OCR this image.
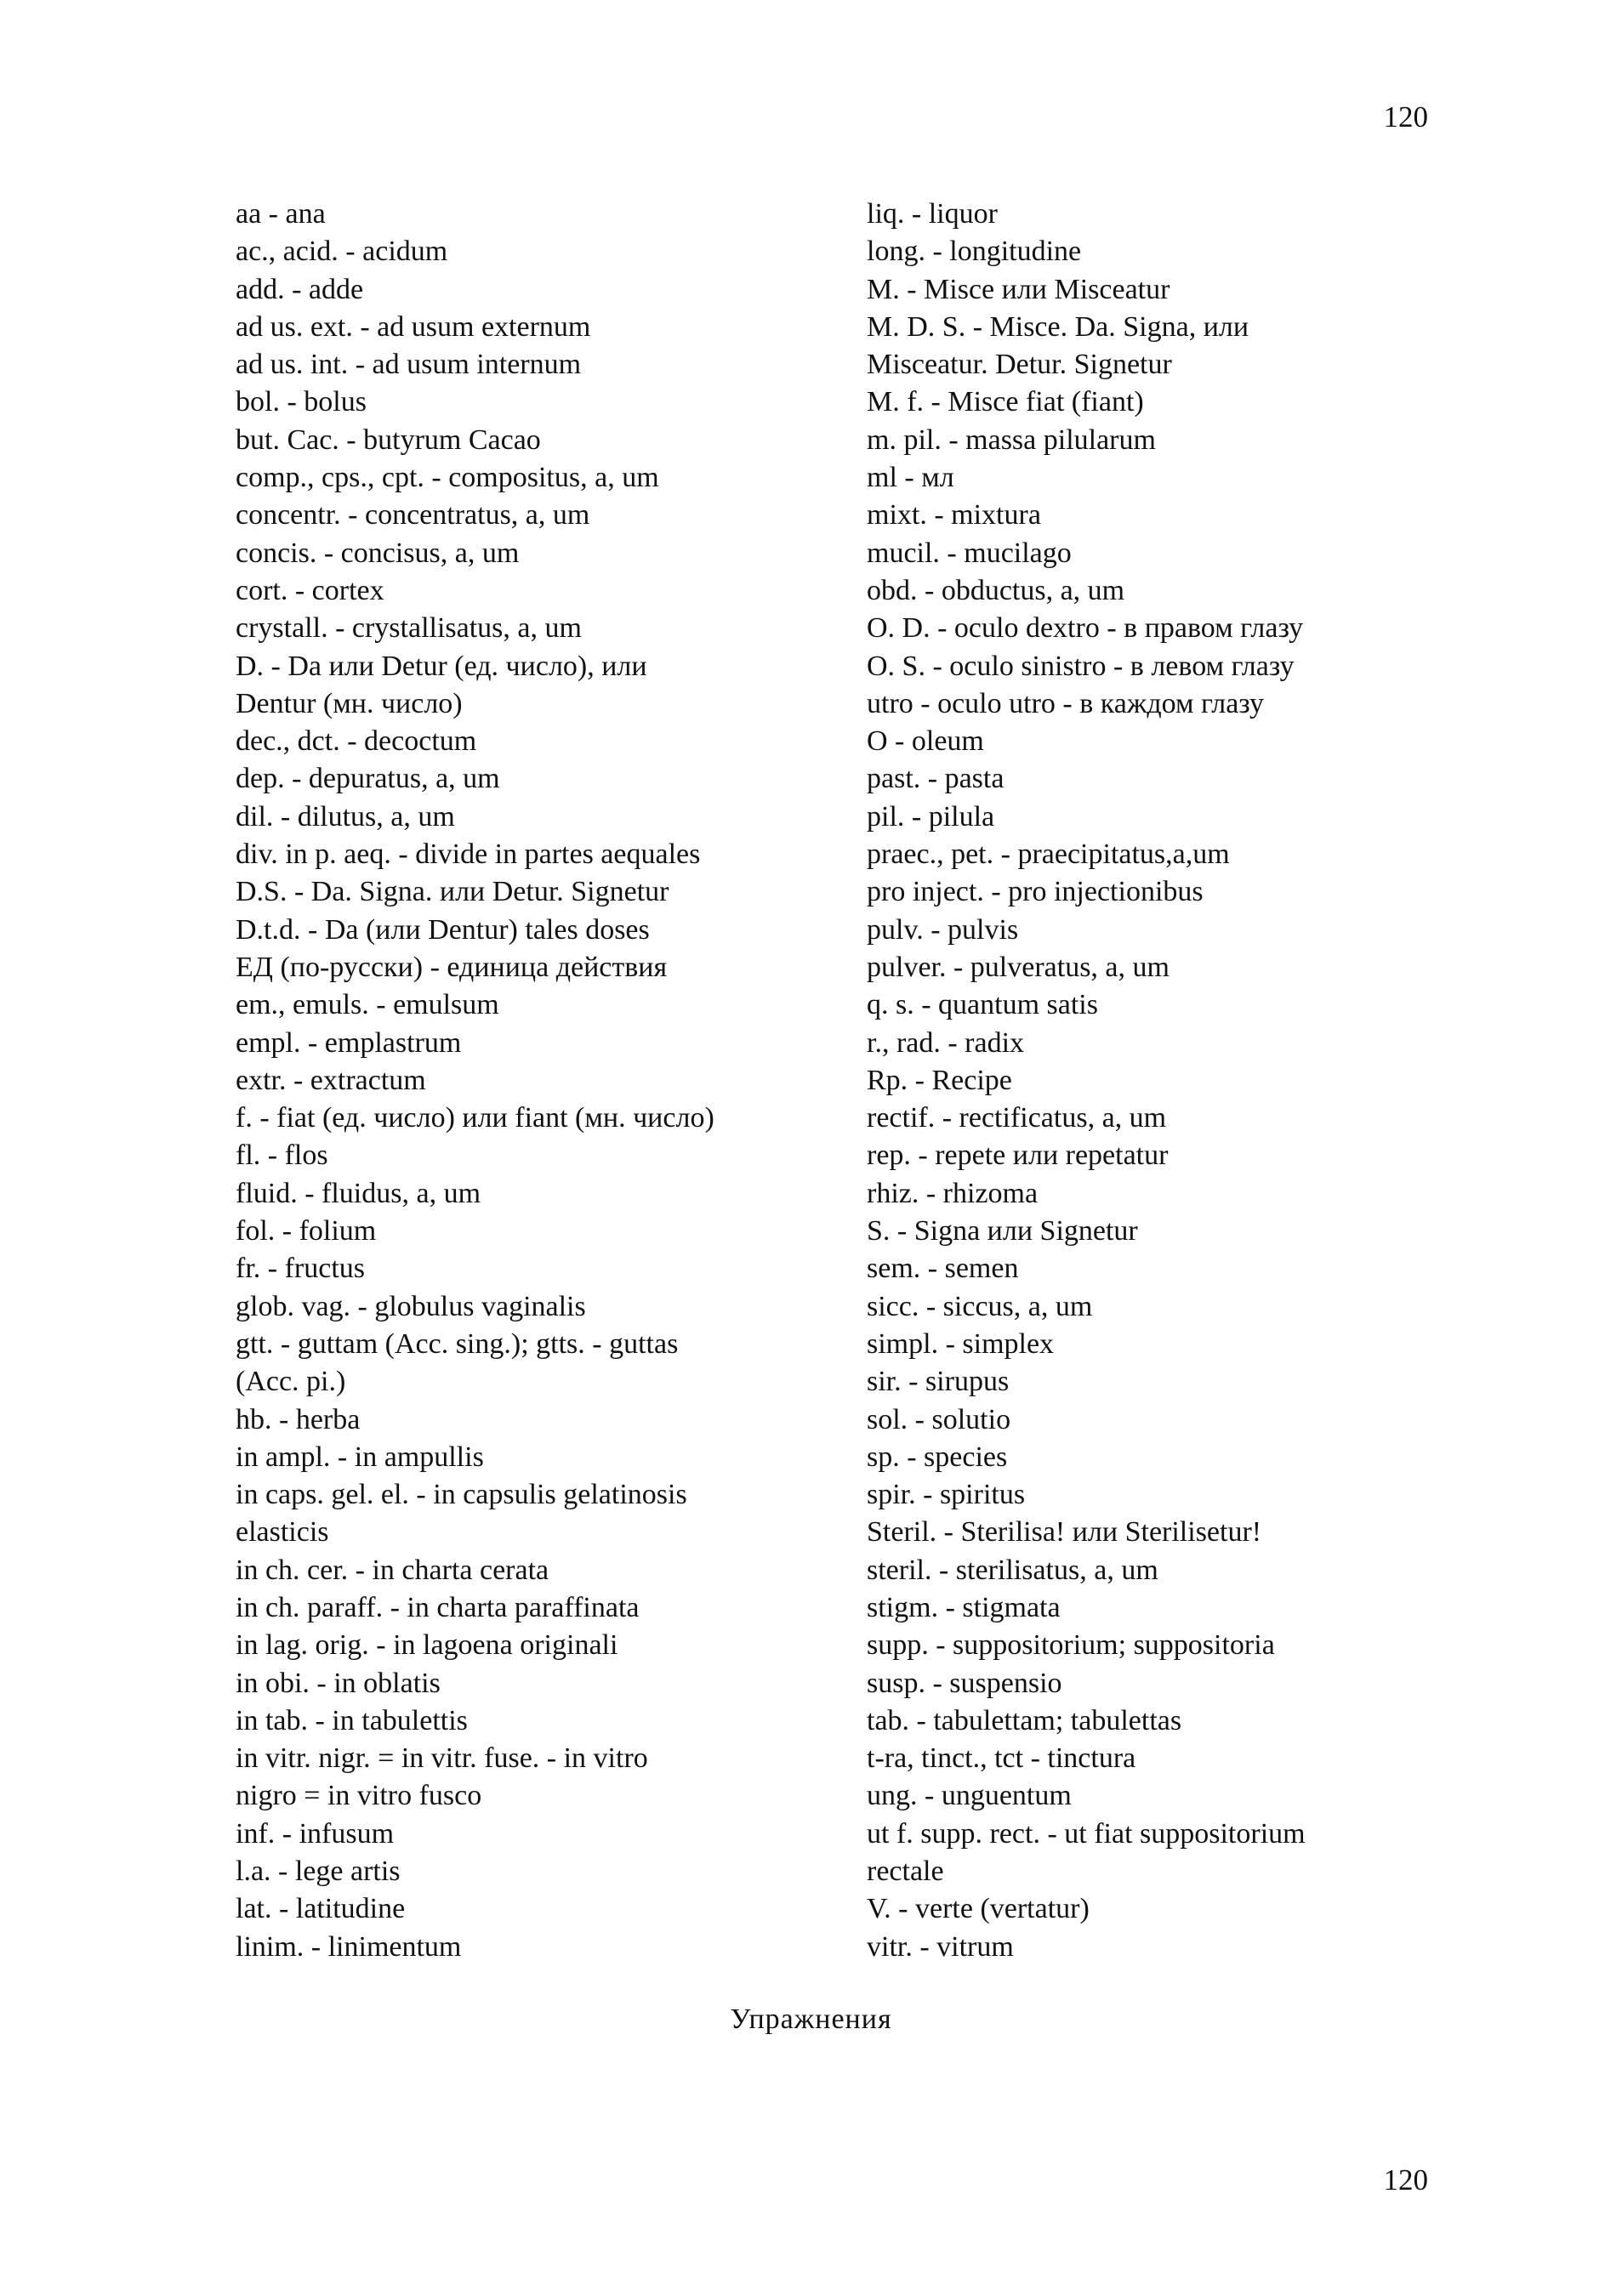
120
aa - ana
ac., acid. - acidum
add. - adde
ad us. ext. - ad usum externum
ad us. int. - ad usum internum
bol. - bolus
but. Cac. - butyrum Cacao
comp., cps., cpt. - compositus, a, um
concentr. - concentratus, a, um
concis. - concisus, a, um
cort. - cortex
crystall. - crystallisatus, a, um
D. - Da или Detur (ед. число), или
Dentur (мн. число)
dec., dct. - decoctum
dep. - depuratus, a, um
dil. - dilutus, a, um
div. in p. aeq. - divide in partes aequales
D.S. - Da. Signa. или Detur. Signetur
D.t.d. - Da (или Dentur) tales doses
ЕД (по-русски) - единица действия
em., emuls. - emulsum
empl. - emplastrum
extr. - extractum
f. - fiat (ед. число) или fiant (мн. число)
fl. - flos
fluid. - fluidus, a, um
fol. - folium
fr. - fructus
glob. vag. - globulus vaginalis
gtt. - guttam (Acc. sing.); gtts. - guttas
(Acc. pi.)
hb. - herba
in ampl. - in ampullis
in caps. gel. el. - in capsulis gelatinosis
elasticis
in ch. cer. - in charta cerata
in ch. paraff. - in charta paraffinata
in lag. orig. - in lagoena originali
in obi. - in oblatis
in tab. - in tabulettis
in vitr. nigr. = in vitr. fuse. - in vitro
nigro = in vitro fusco
inf. - infusum
l.a. - lege artis
lat. - latitudine
linim. - linimentum
liq. - liquor
long. - longitudine
M. - Misce или Misceatur
M. D. S. - Misce. Da. Signa, или
Misceatur. Detur. Signetur
M. f. - Misce fiat (fiant)
m. pil. - massa pilularum
ml - мл
mixt. - mixtura
mucil. - mucilago
obd. - obductus, a, um
O. D. - oculo dextro - в правом глазу
O. S. - oculo sinistro - в левом глазу
utro - oculo utro - в каждом глазу
O - oleum
past. - pasta
pil. - pilula
praec., pet. - praecipitatus,a,um
pro inject. - pro injectionibus
pulv. - pulvis
pulver. - pulveratus, a, um
q. s. - quantum satis
r., rad. - radix
Rp. - Recipe
rectif. - rectificatus, a, um
rep. - repete или repetatur
rhiz. - rhizoma
S. - Signa или Signetur
sem. - semen
sicc. - siccus, a, um
simpl. - simplex
sir. - sirupus
sol. - solutio
sp. - species
spir. - spiritus
Steril. - Sterilisa! или Sterilisetur!
steril. - sterilisatus, a, um
stigm. - stigmata
supp. - suppositorium; suppositoria
susp. - suspensio
tab. - tabulettam; tabulettas
t-ra, tinct., tct - tinctura
ung. - unguentum
ut f. supp. rect. - ut fiat suppositorium
rectale
V. - verte (vertatur)
vitr. - vitrum
Упражнения
120
